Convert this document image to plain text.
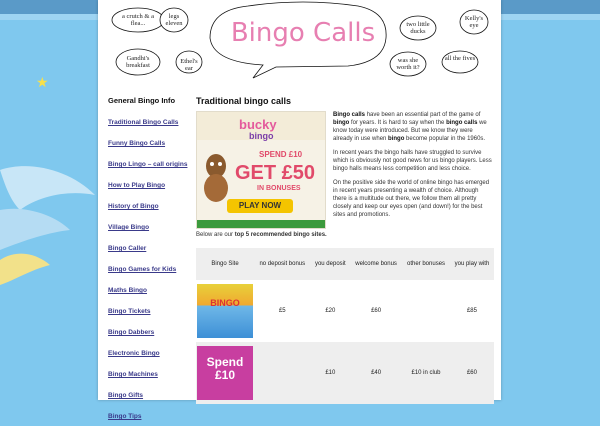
★
Bingo Calls
a crutch & a flea...
legs eleven
Gandhi's breakfast
Ethel's ear
two little ducks
Kelly's eye
was she worth it?
all the fives
General Bingo Info
Traditional Bingo Calls
Funny Bingo Calls
Bingo Lingo – call origins
How to Play Bingo
History of Bingo
Village Bingo
Bingo Caller
Bingo Games for Kids
Maths Bingo
Bingo Tickets
Bingo Dabbers
Electronic Bingo
Bingo Machines
Bingo Gifts
Bingo Tips
Traditional bingo calls
bucky
bingo
SPEND £10
GET £50
IN BONUSES
PLAY NOW

Bingo calls have been an essential part of the game of bingo for years. It is hard to say when the bingo calls we know today were introduced. But we know they were already in use when bingo become popular in the 1960s.

In recent years the bingo halls have struggled to survive which is obviously not good news for us bingo players. Less bingo halls means less competition and less choice.

On the positive side the world of online bingo has emerged in recent years presenting a wealth of choice. Although there is a multitude out there, we follow them all pretty closely and keep our eyes open (and down!) for the best sites and promotions.

Below are our top 5 recommended bingo sites.
Bingo Site	no deposit bonus	you deposit	welcome bonus	other bonuses	you play with

BINGO	£5	£20	£60		£85

Spend £10		£10	£40	£10 in club	£60
